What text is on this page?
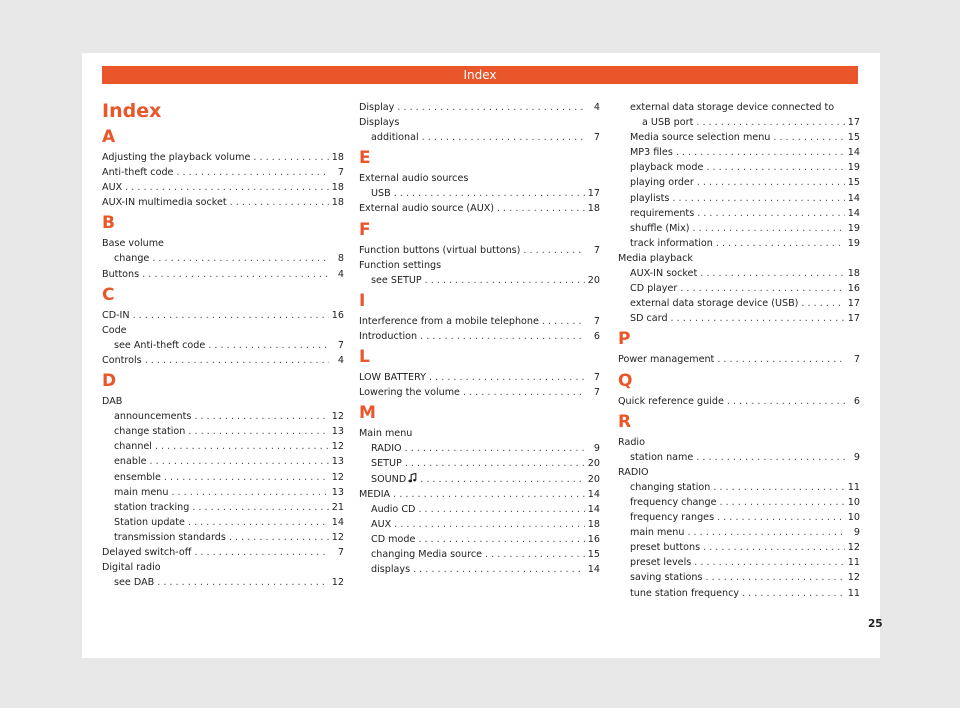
Index
Index
A
Adjusting the playback volume . . .	18
Anti-theft code . . .	7
AUX . . .	18
AUX-IN multimedia socket . . .	18
B
Base volume
change . . .	8
Buttons . . .	4
C
CD-IN . . .	16
Code
see Anti-theft code . . .	7
Controls . . .	4
D
DAB
announcements . . .	12
change station . . .	13
channel . . .	12
enable . . .	13
ensemble . . .	12
main menu . . .	13
station tracking . . .	21
Station update . . .	14
transmission standards . . .	12
Delayed switch-off . . .	7
Digital radio
see DAB . . .	12
Display . . .	4
Displays
additional . . .	7
E
External audio sources
USB . . .	17
External audio source (AUX) . . .	18
F
Function buttons (virtual buttons) . . .	7
Function settings
see SETUP . . .	20
I
Interference from a mobile telephone . . .	7
Introduction . . .	6
L
LOW BATTERY . . .	7
Lowering the volume . . .	7
M
Main menu
RADIO . . .	9
SETUP . . .	20
SOUND . . .	20
MEDIA . . .	14
Audio CD . . .	14
AUX . . .	18
CD mode . . .	16
changing Media source . . .	15
displays . . .	14
external data storage device connected to
a USB port . . .	17
Media source selection menu . . .	15
MP3 files . . .	14
playback mode . . .	19
playing order . . .	15
playlists . . .	14
requirements . . .	14
shuffle (Mix) . . .	19
track information . . .	19
Media playback
AUX-IN socket . . .	18
CD player . . .	16
external data storage device (USB) . . .	17
SD card . . .	17
P
Power management . . .	7
Q
Quick reference guide . . .	6
R
Radio
station name . . .	9
RADIO
changing station . . .	11
frequency change . . .	10
frequency ranges . . .	10
main menu . . .	9
preset buttons . . .	12
preset levels . . .	11
saving stations . . .	12
tune station frequency . . .	11
25
